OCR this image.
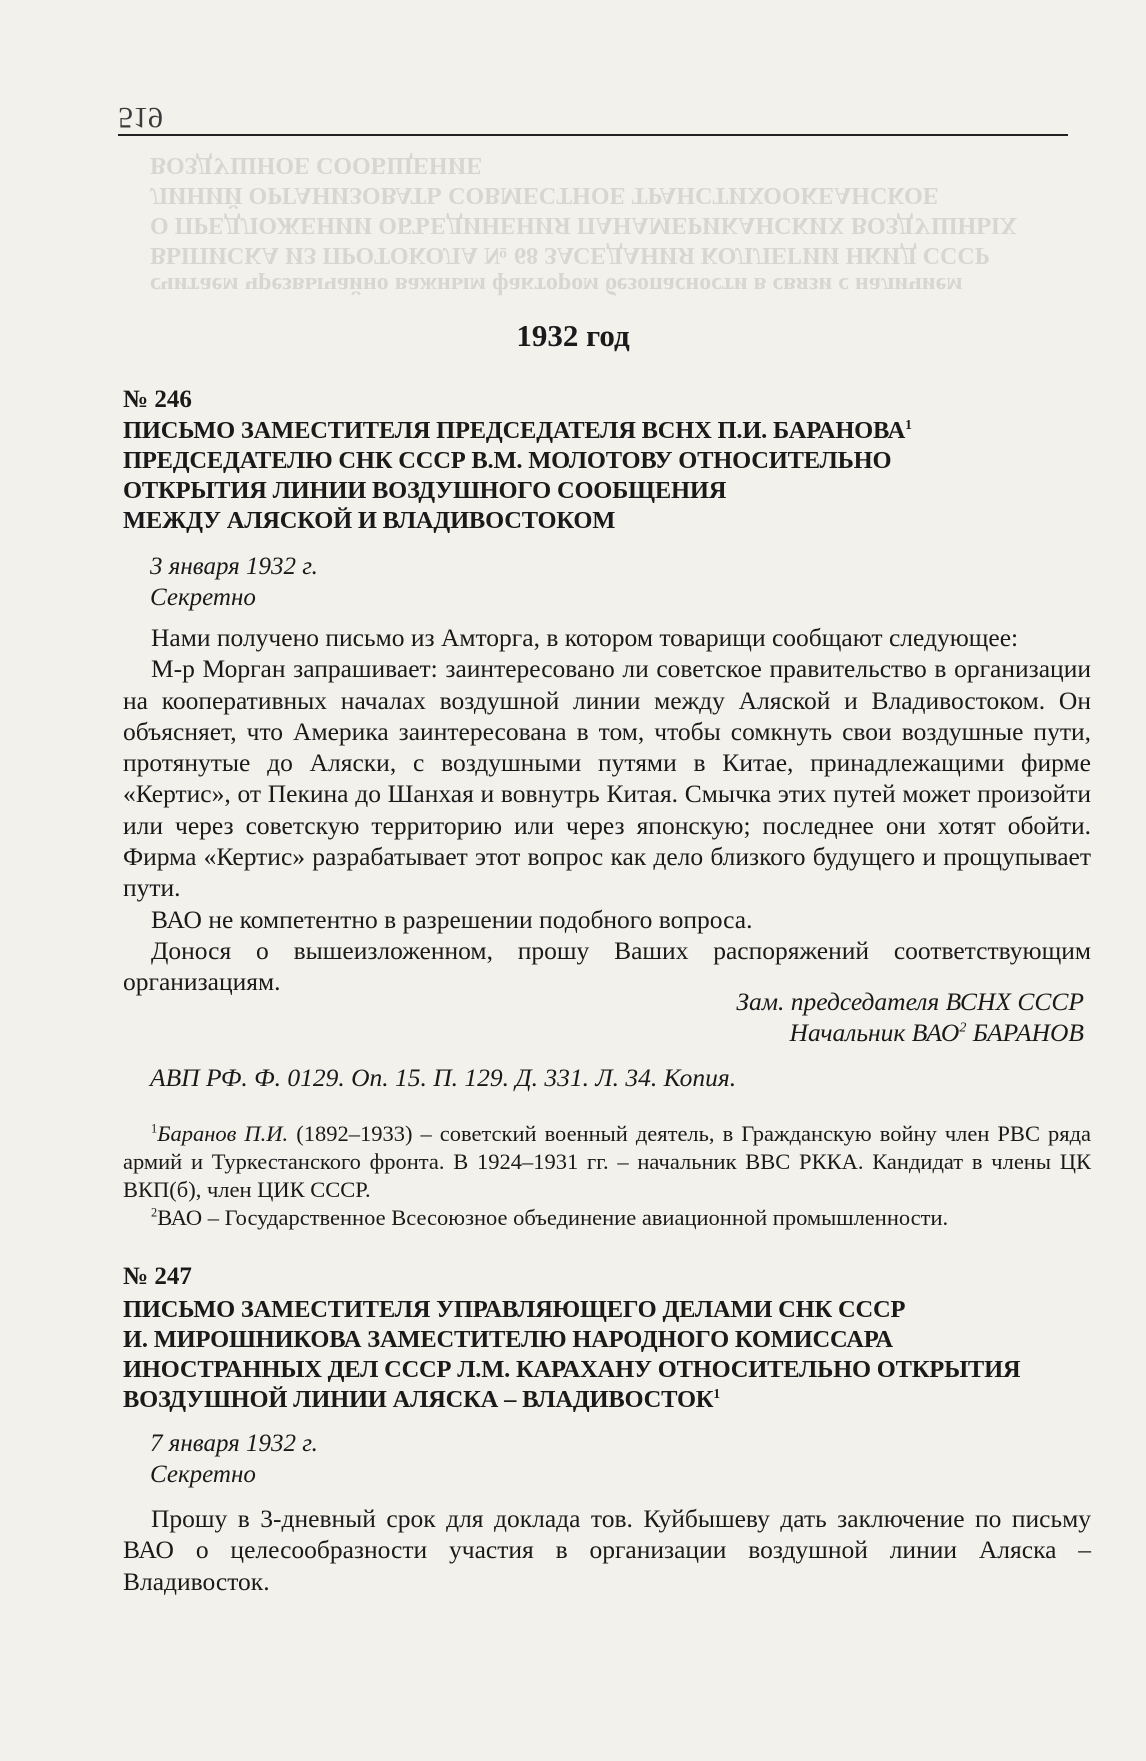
519
считаем чрезвычайно важным фактором безопасности в связи с наличием
ВЫПИСКА ИЗ ПРОТОКОЛА № 68 ЗАСЕДАНИЯ КОЛЛЕГИИ НКИД СССР
О ПРЕДЛОЖЕНИИ ОБЪЕДИНЕНИЯ ПАНАМЕРИКАНСКИХ ВОЗДУШНЫХ
ЛИНИЙ ОРГАНИЗОВАТЬ СОВМЕСТНОЕ ТРАНСТИХООКЕАНСКОЕ
ВОЗДУШНОЕ СООБЩЕНИЕ
1932 год
№ 246
ПИСЬМО ЗАМЕСТИТЕЛЯ ПРЕДСЕДАТЕЛЯ ВСНХ П.И. БАРАНОВА$^1$
ПРЕДСЕДАТЕЛЮ СНК СССР В.М. МОЛОТОВУ ОТНОСИТЕЛЬНО
ОТКРЫТИЯ ЛИНИИ ВОЗДУШНОГО СООБЩЕНИЯ
МЕЖДУ АЛЯСКОЙ И ВЛАДИВОСТОКОМ
3 января 1932 г.
Секретно

Нами получено письмо из Амторга, в котором товарищи сообщают следующее:

М-р Морган запрашивает: заинтересовано ли советское правительство в организации на кооперативных началах воздушной линии между Аляской и Владивостоком. Он объясняет, что Америка заинтересована в том, чтобы сомкнуть свои воздушные пути, протянутые до Аляски, с воздушными путями в Китае, принадлежащими фирме «Кертис», от Пекина до Шанхая и вовнутрь Китая. Смычка этих путей может произойти или через советскую территорию или через японскую; последнее они хотят обойти. Фирма «Кертис» разрабатывает этот вопрос как дело близкого будущего и прощупывает пути.

ВАО не компетентно в разрешении подобного вопроса.

Донося о вышеизложенном, прошу Ваших распоряжений соответствующим организациям.

Зам. председателя ВСНХ СССР
Начальник ВАО$^2$ БАРАНОВ
АВП РФ. Ф. 0129. Оп. 15. П. 129. Д. 331. Л. 34. Копия.

$^1$Баранов П.И. (1892–1933) – советский военный деятель, в Гражданскую войну член РВС ряда армий и Туркестанского фронта. В 1924–1931 гг. – начальник ВВС РККА. Кандидат в члены ЦК ВКП(б), член ЦИК СССР.

$^2$ВАО – Государственное Всесоюзное объединение авиационной промышленности.

№ 247
ПИСЬМО ЗАМЕСТИТЕЛЯ УПРАВЛЯЮЩЕГО ДЕЛАМИ СНК СССР
И. МИРОШНИКОВА ЗАМЕСТИТЕЛЮ НАРОДНОГО КОМИССАРА
ИНОСТРАННЫХ ДЕЛ СССР Л.М. КАРАХАНУ ОТНОСИТЕЛЬНО ОТКРЫТИЯ
ВОЗДУШНОЙ ЛИНИИ АЛЯСКА – ВЛАДИВОСТОК$^1$
7 января 1932 г.
Секретно

Прошу в 3-дневный срок для доклада тов. Куйбышеву дать заключение по письму ВАО о целесообразности участия в организации воздушной линии Аляска – Владивосток.
